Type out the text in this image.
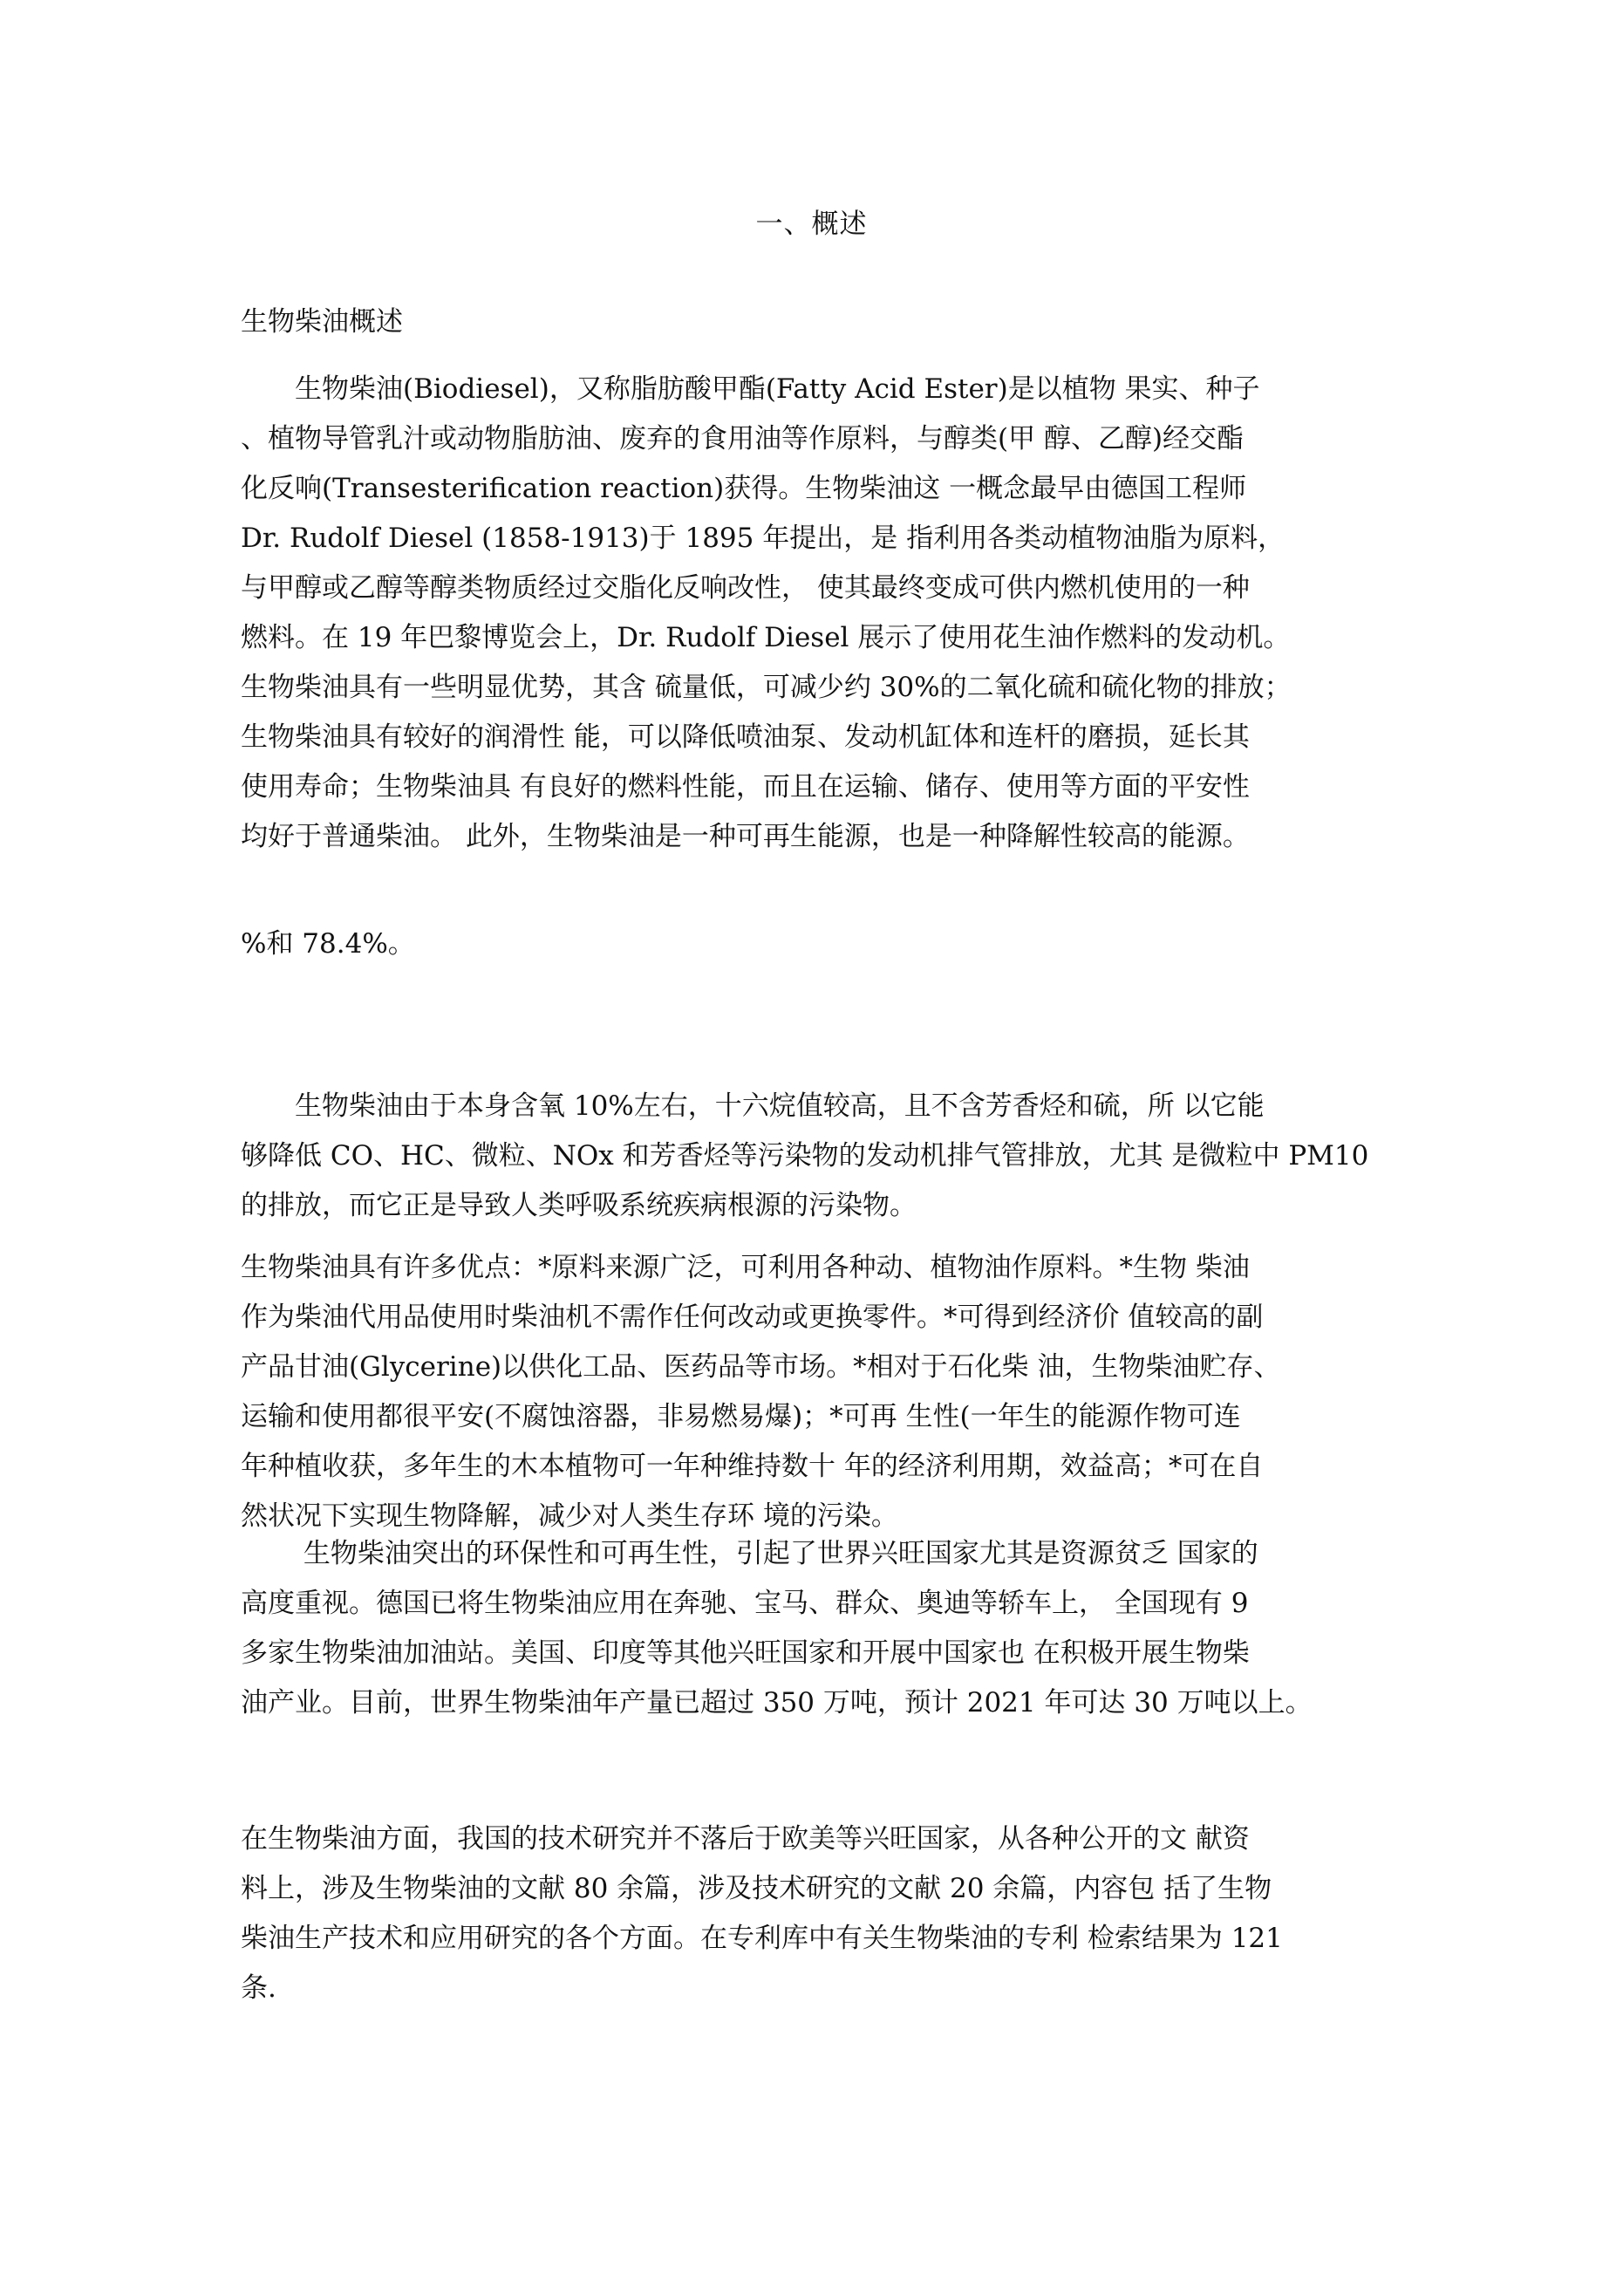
一、概述
生物柴油概述
　　生物柴油(Biodiesel)，又称脂肪酸甲酯(Fatty Acid Ester)是以植物 果实、种子
、植物导管乳汁或动物脂肪油、废弃的食用油等作原料，与醇类(甲 醇、乙醇)经交酯
化反响(Transesterification reaction)获得。生物柴油这 一概念最早由德国工程师
Dr. Rudolf Diesel (1858-1913)于 1895 年提出，是 指利用各类动植物油脂为原料，
与甲醇或乙醇等醇类物质经过交脂化反响改性， 使其最终变成可供内燃机使用的一种
燃料。在 19 年巴黎博览会上，Dr. Rudolf Diesel 展示了使用花生油作燃料的发动机。
生物柴油具有一些明显优势，其含 硫量低，可减少约 30%的二氧化硫和硫化物的排放；
生物柴油具有较好的润滑性 能，可以降低喷油泵、发动机缸体和连杆的磨损，延长其
使用寿命；生物柴油具 有良好的燃料性能，而且在运输、储存、使用等方面的平安性
均好于普通柴油。 此外，生物柴油是一种可再生能源，也是一种降解性较高的能源。
%和 78.4%。
　　生物柴油由于本身含氧 10%左右，十六烷值较高，且不含芳香烃和硫，所 以它能
够降低 CO、HC、微粒、NOx 和芳香烃等污染物的发动机排气管排放，尤其 是微粒中 PM10
的排放，而它正是导致人类呼吸系统疾病根源的污染物。
生物柴油具有许多优点：*原料来源广泛，可利用各种动、植物油作原料。*生物 柴油
作为柴油代用品使用时柴油机不需作任何改动或更换零件。*可得到经济价 值较高的副
产品甘油(Glycerine)以供化工品、医药品等市场。*相对于石化柴 油，生物柴油贮存、
运输和使用都很平安(不腐蚀溶器，非易燃易爆)；*可再 生性(一年生的能源作物可连
年种植收获，多年生的木本植物可一年种维持数十 年的经济利用期，效益高；*可在自
然状况下实现生物降解，减少对人类生存环 境的污染。
　　 生物柴油突出的环保性和可再生性，引起了世界兴旺国家尤其是资源贫乏 国家的
高度重视。德国已将生物柴油应用在奔驰、宝马、群众、奥迪等轿车上， 全国现有 9
多家生物柴油加油站。美国、印度等其他兴旺国家和开展中国家也 在积极开展生物柴
油产业。目前，世界生物柴油年产量已超过 350 万吨，预计 2021 年可达 30 万吨以上。
在生物柴油方面，我国的技术研究并不落后于欧美等兴旺国家，从各种公开的文 献资
料上，涉及生物柴油的文献 80 余篇，涉及技术研究的文献 20 余篇，内容包 括了生物
柴油生产技术和应用研究的各个方面。在专利库中有关生物柴油的专利 检索结果为 121
条.
